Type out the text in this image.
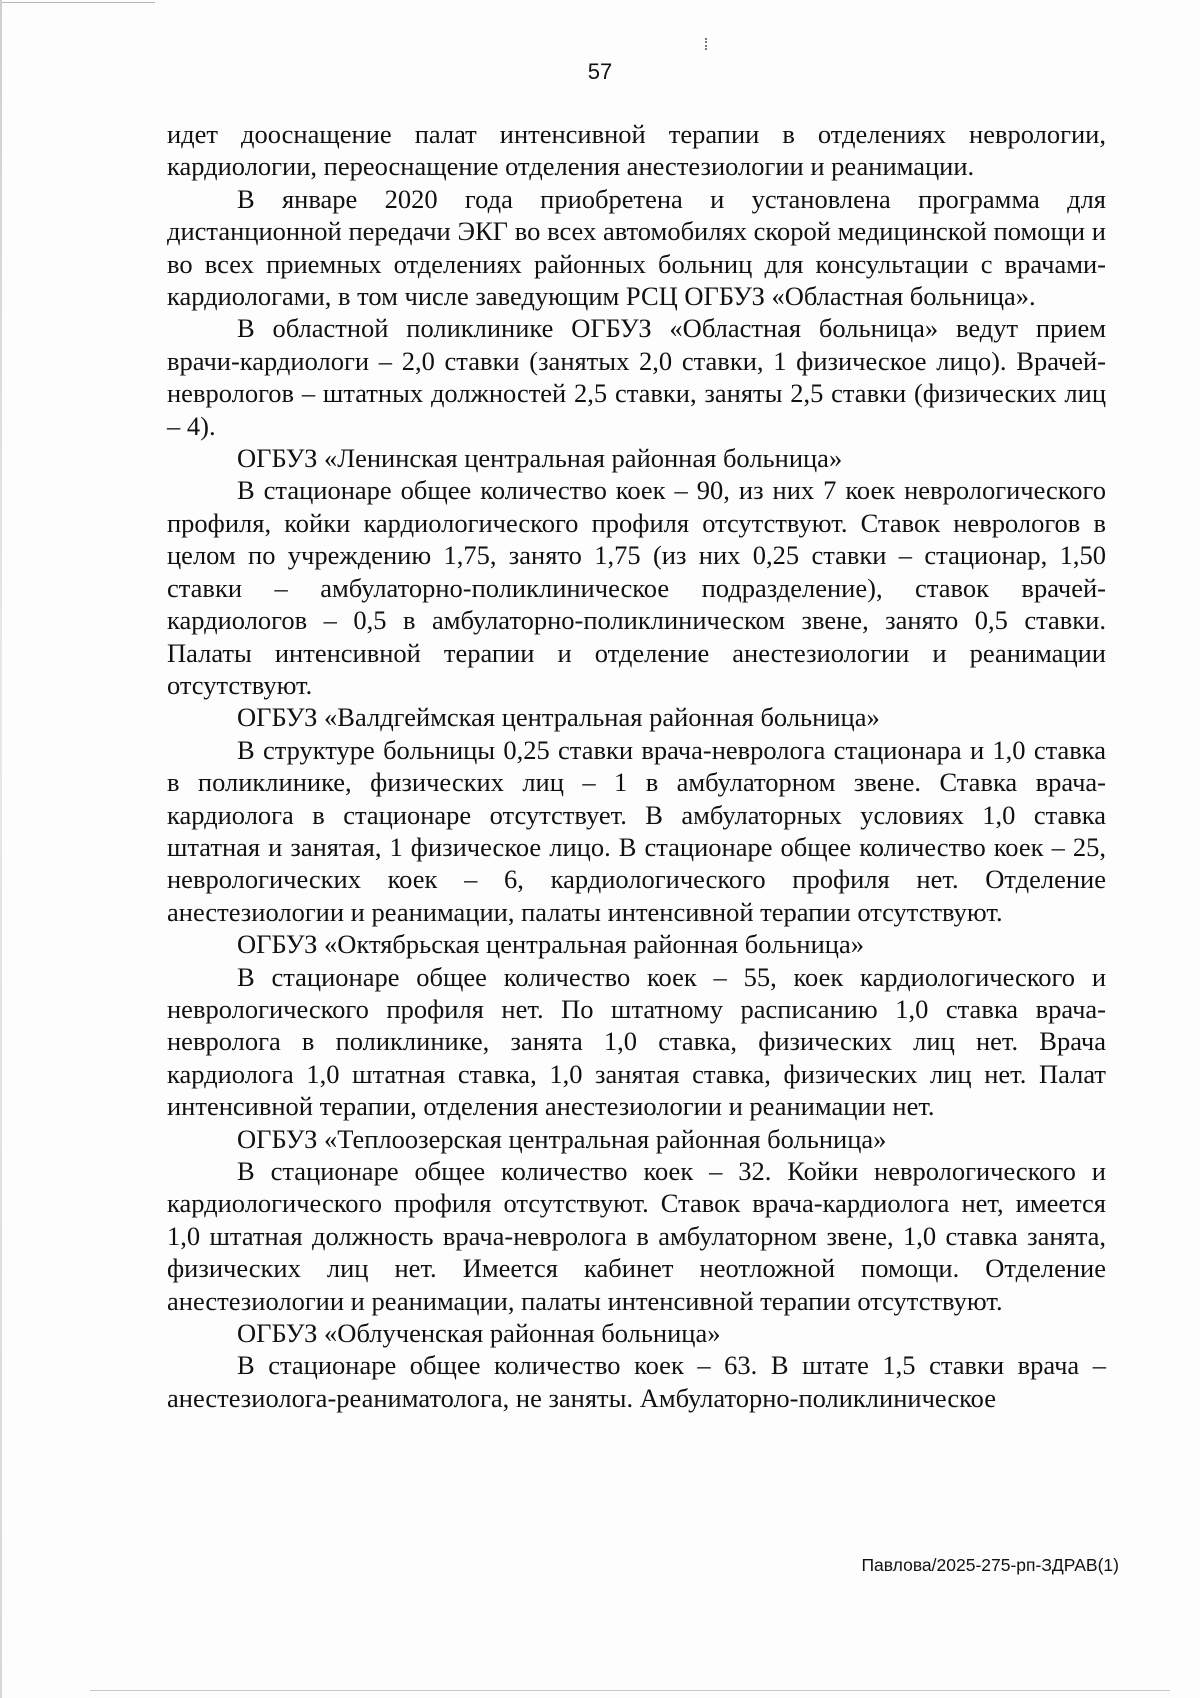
57

идет дооснащение палат интенсивной терапии в отделениях неврологии, кардиологии, переоснащение отделения анестезиологии и реанимации.

В январе 2020 года приобретена и установлена программа для дистанционной передачи ЭКГ во всех автомобилях скорой медицинской помощи и во всех приемных отделениях районных больниц для консультации с врачами-кардиологами, в том числе заведующим РСЦ ОГБУЗ «Областная больница».

В областной поликлинике ОГБУЗ «Областная больница» ведут прием врачи-кардиологи – 2,0 ставки (занятых 2,0 ставки, 1 физическое лицо). Врачей-неврологов – штатных должностей 2,5 ставки, заняты 2,5 ставки (физических лиц – 4).

ОГБУЗ «Ленинская центральная районная больница»

В стационаре общее количество коек – 90, из них 7 коек неврологического профиля, койки кардиологического профиля отсутствуют. Ставок неврологов в целом по учреждению 1,75, занято 1,75 (из них 0,25 ставки – стационар, 1,50 ставки – амбулаторно-поликлиническое подразделение), ставок врачей-кардиологов – 0,5 в амбулаторно-поликлиническом звене, занято 0,5 ставки. Палаты интенсивной терапии и отделение анестезиологии и реанимации отсутствуют.

ОГБУЗ «Валдгеймская центральная районная больница»

В структуре больницы 0,25 ставки врача-невролога стационара и 1,0 ставка в поликлинике, физических лиц – 1 в амбулаторном звене. Ставка врача-кардиолога в стационаре отсутствует. В амбулаторных условиях 1,0 ставка штатная и занятая, 1 физическое лицо. В стационаре общее количество коек – 25, неврологических коек – 6, кардиологического профиля нет. Отделение анестезиологии и реанимации, палаты интенсивной терапии отсутствуют.

ОГБУЗ «Октябрьская центральная районная больница»

В стационаре общее количество коек – 55, коек кардиологического и неврологического профиля нет. По штатному расписанию 1,0 ставка врача-невролога в поликлинике, занята 1,0 ставка, физических лиц нет. Врача кардиолога 1,0 штатная ставка, 1,0 занятая ставка, физических лиц нет. Палат интенсивной терапии, отделения анестезиологии и реанимации нет.

ОГБУЗ «Теплоозерская центральная районная больница»

В стационаре общее количество коек – 32. Койки неврологического и кардиологического профиля отсутствуют. Ставок врача-кардиолога нет, имеется 1,0 штатная должность врача-невролога в амбулаторном звене, 1,0 ставка занята, физических лиц нет. Имеется кабинет неотложной помощи. Отделение анестезиологии и реанимации, палаты интенсивной терапии отсутствуют.

ОГБУЗ «Облученская районная больница»

В стационаре общее количество коек – 63. В штате 1,5 ставки врача – анестезиолога-реаниматолога, не заняты. Амбулаторно-поликлиническое

Павлова/2025-275-рп-ЗДРАВ(1)
